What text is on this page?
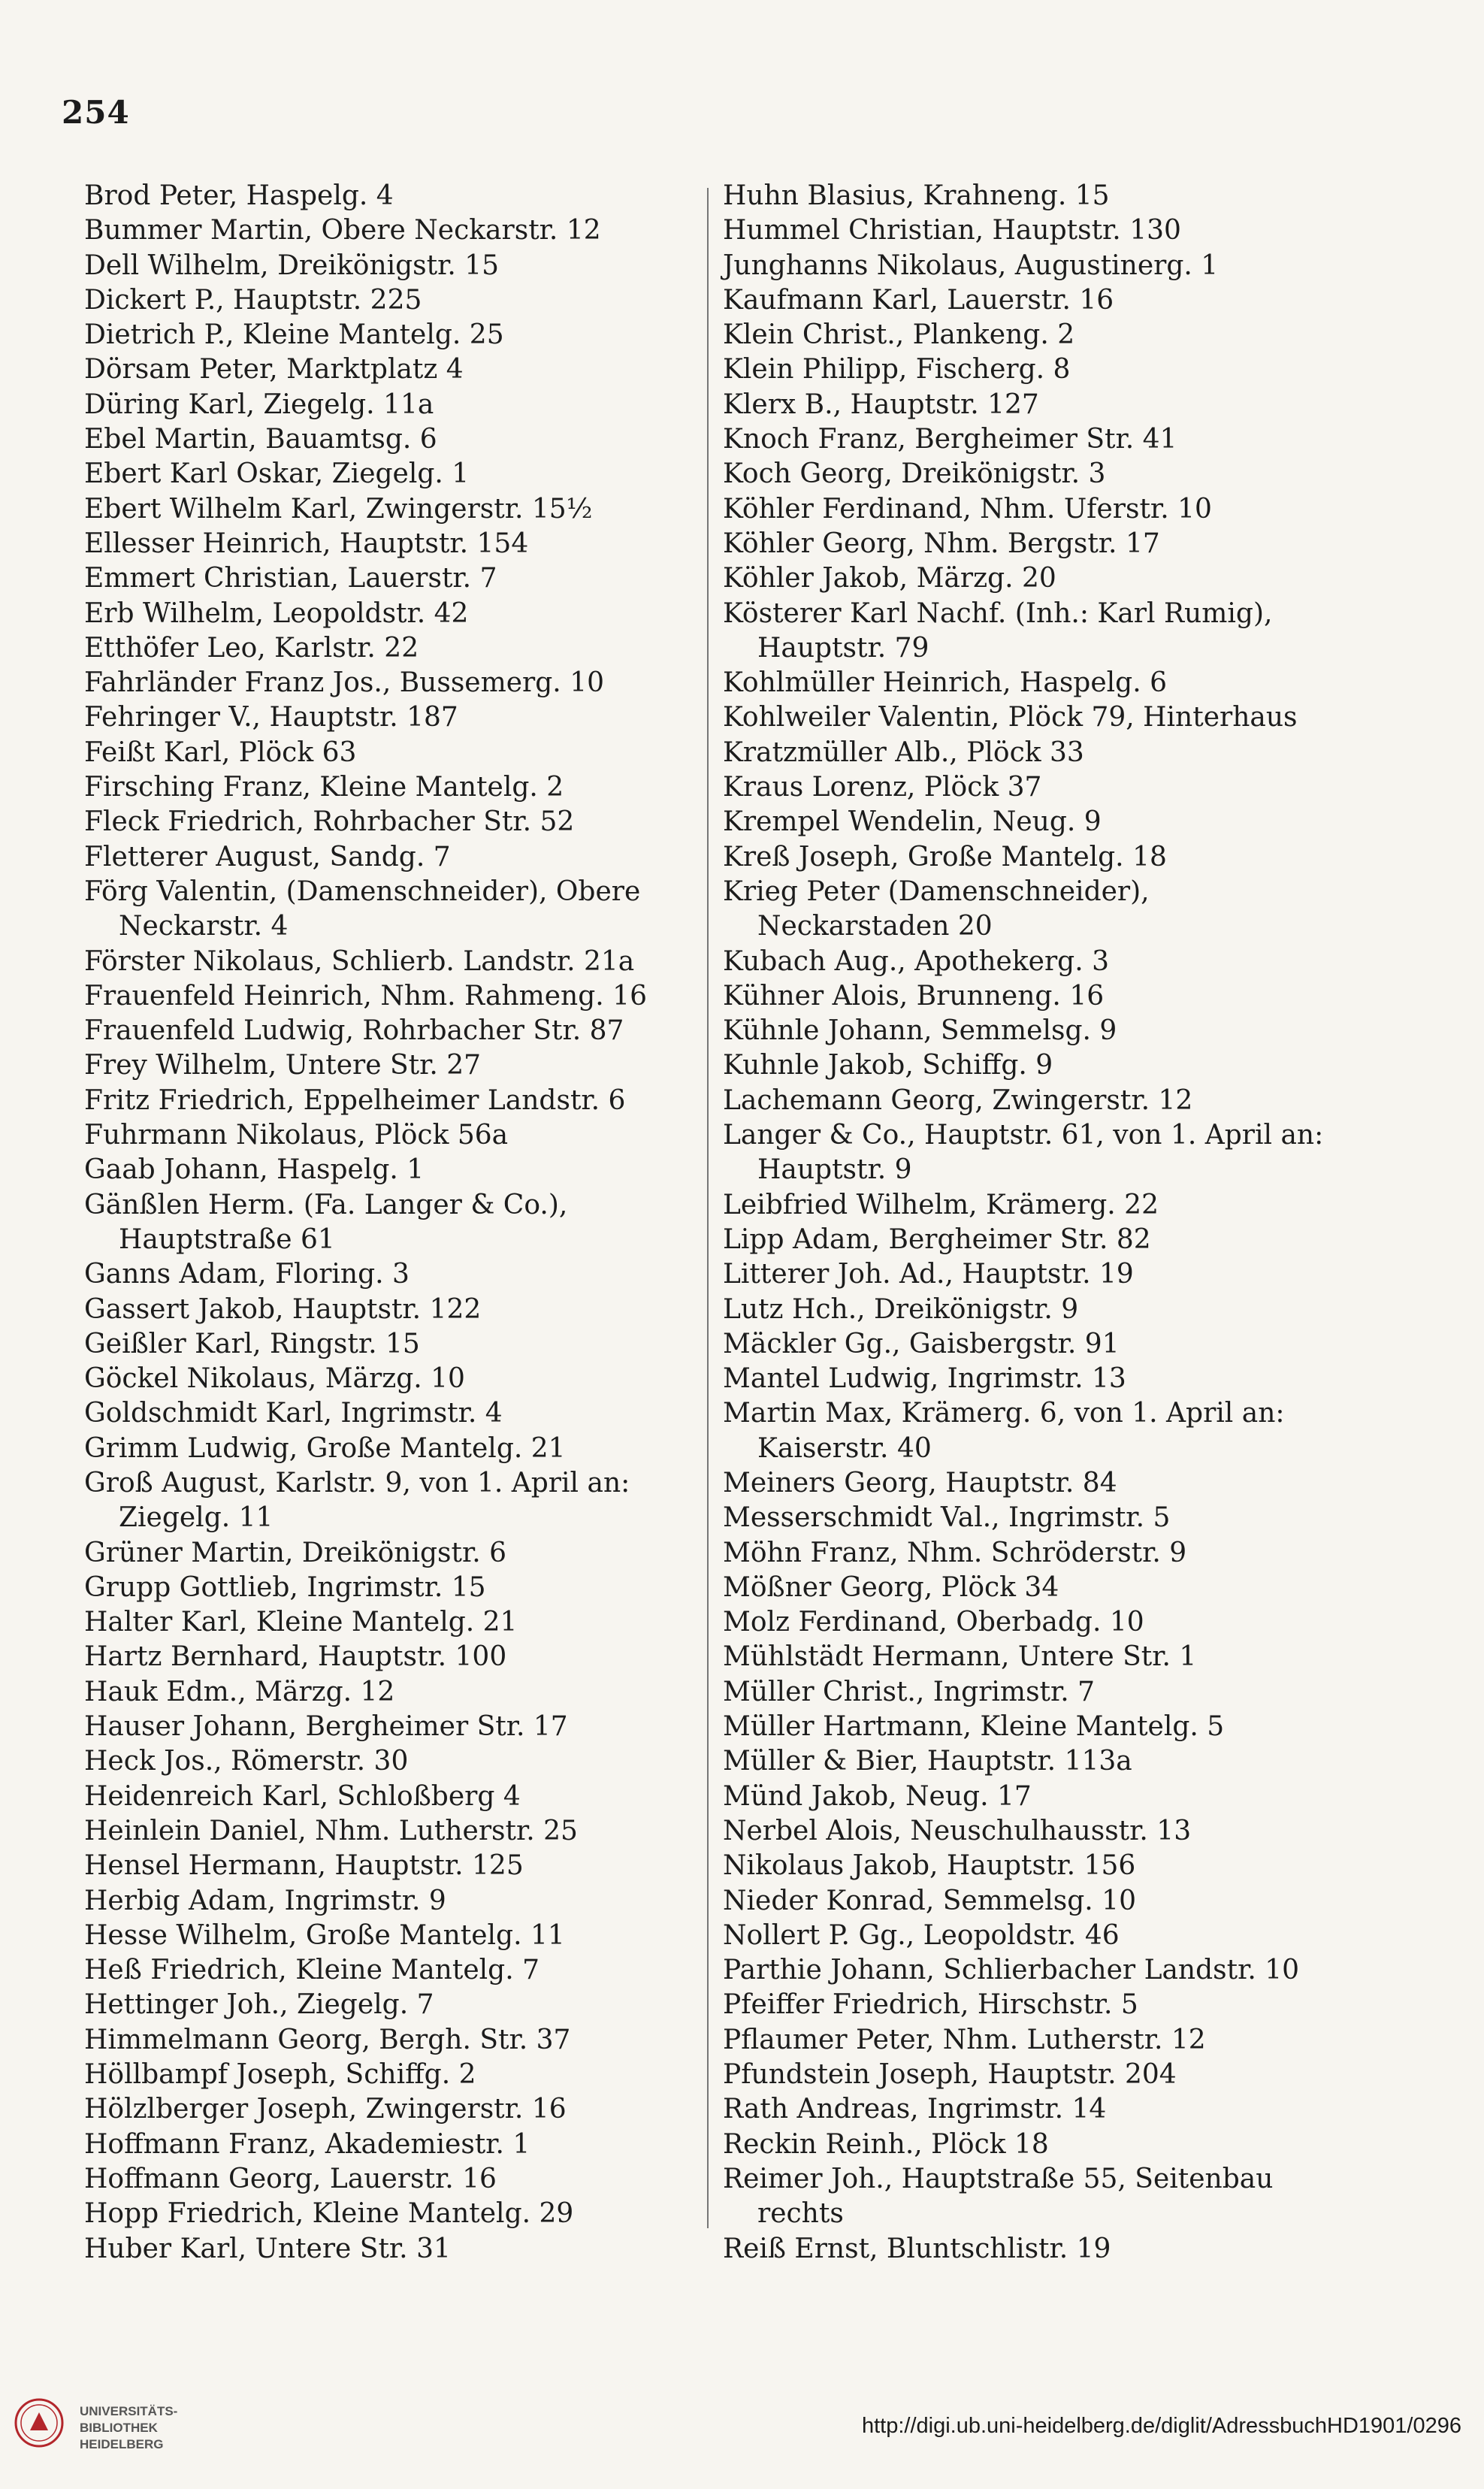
254
Brod Peter, Haspelg. 4
Bummer Martin, Obere Neckarstr. 12
Dell Wilhelm, Dreikönigstr. 15
Dickert P., Hauptstr. 225
Dietrich P., Kleine Mantelg. 25
Dörsam Peter, Marktplatz 4
Düring Karl, Ziegelg. 11a
Ebel Martin, Bauamtsg. 6
Ebert Karl Oskar, Ziegelg. 1
Ebert Wilhelm Karl, Zwingerstr. 15½
Ellesser Heinrich, Hauptstr. 154
Emmert Christian, Lauerstr. 7
Erb Wilhelm, Leopoldstr. 42
Etthöfer Leo, Karlstr. 22
Fahrländer Franz Jos., Bussemerg. 10
Fehringer V., Hauptstr. 187
Feißt Karl, Plöck 63
Firsching Franz, Kleine Mantelg. 2
Fleck Friedrich, Rohrbacher Str. 52
Fletterer August, Sandg. 7
Förg Valentin, (Damenschneider), Obere Neckarstr. 4
Förster Nikolaus, Schlierb. Landstr. 21a
Frauenfeld Heinrich, Nhm. Rahmeng. 16
Frauenfeld Ludwig, Rohrbacher Str. 87
Frey Wilhelm, Untere Str. 27
Fritz Friedrich, Eppelheimer Landstr. 6
Fuhrmann Nikolaus, Plöck 56a
Gaab Johann, Haspelg. 1
Gänßlen Herm. (Fa. Langer & Co.), Hauptstraße 61
Ganns Adam, Floring. 3
Gassert Jakob, Hauptstr. 122
Geißler Karl, Ringstr. 15
Göckel Nikolaus, Märzg. 10
Goldschmidt Karl, Ingrimstr. 4
Grimm Ludwig, Große Mantelg. 21
Groß August, Karlstr. 9, von 1. April an: Ziegelg. 11
Grüner Martin, Dreikönigstr. 6
Grupp Gottlieb, Ingrimstr. 15
Halter Karl, Kleine Mantelg. 21
Hartz Bernhard, Hauptstr. 100
Hauk Edm., Märzg. 12
Hauser Johann, Bergheimer Str. 17
Heck Jos., Römerstr. 30
Heidenreich Karl, Schloßberg 4
Heinlein Daniel, Nhm. Lutherstr. 25
Hensel Hermann, Hauptstr. 125
Herbig Adam, Ingrimstr. 9
Hesse Wilhelm, Große Mantelg. 11
Heß Friedrich, Kleine Mantelg. 7
Hettinger Joh., Ziegelg. 7
Himmelmann Georg, Bergh. Str. 37
Höllbampf Joseph, Schiffg. 2
Hölzlberger Joseph, Zwingerstr. 16
Hoffmann Franz, Akademiestr. 1
Hoffmann Georg, Lauerstr. 16
Hopp Friedrich, Kleine Mantelg. 29
Huber Karl, Untere Str. 31
Huhn Blasius, Krahneng. 15
Hummel Christian, Hauptstr. 130
Junghanns Nikolaus, Augustinerg. 1
Kaufmann Karl, Lauerstr. 16
Klein Christ., Plankeng. 2
Klein Philipp, Fischerg. 8
Klerx B., Hauptstr. 127
Knoch Franz, Bergheimer Str. 41
Koch Georg, Dreikönigstr. 3
Köhler Ferdinand, Nhm. Uferstr. 10
Köhler Georg, Nhm. Bergstr. 17
Köhler Jakob, Märzg. 20
Kösterer Karl Nachf. (Inh.: Karl Rumig), Hauptstr. 79
Kohlmüller Heinrich, Haspelg. 6
Kohlweiler Valentin, Plöck 79, Hinterhaus
Kratzmüller Alb., Plöck 33
Kraus Lorenz, Plöck 37
Krempel Wendelin, Neug. 9
Kreß Joseph, Große Mantelg. 18
Krieg Peter (Damenschneider), Neckarstaden 20
Kubach Aug., Apothekerg. 3
Kühner Alois, Brunneng. 16
Kühnle Johann, Semmelsg. 9
Kuhnle Jakob, Schiffg. 9
Lachemann Georg, Zwingerstr. 12
Langer & Co., Hauptstr. 61, von 1. April an: Hauptstr. 9
Leibfried Wilhelm, Krämerg. 22
Lipp Adam, Bergheimer Str. 82
Litterer Joh. Ad., Hauptstr. 19
Lutz Hch., Dreikönigstr. 9
Mäckler Gg., Gaisbergstr. 91
Mantel Ludwig, Ingrimstr. 13
Martin Max, Krämerg. 6, von 1. April an: Kaiserstr. 40
Meiners Georg, Hauptstr. 84
Messerschmidt Val., Ingrimstr. 5
Möhn Franz, Nhm. Schröderstr. 9
Mößner Georg, Plöck 34
Molz Ferdinand, Oberbadg. 10
Mühlstädt Hermann, Untere Str. 1
Müller Christ., Ingrimstr. 7
Müller Hartmann, Kleine Mantelg. 5
Müller & Bier, Hauptstr. 113a
Münd Jakob, Neug. 17
Nerbel Alois, Neuschulhausstr. 13
Nikolaus Jakob, Hauptstr. 156
Nieder Konrad, Semmelsg. 10
Nollert P. Gg., Leopoldstr. 46
Parthie Johann, Schlierbacher Landstr. 10
Pfeiffer Friedrich, Hirschstr. 5
Pflaumer Peter, Nhm. Lutherstr. 12
Pfundstein Joseph, Hauptstr. 204
Rath Andreas, Ingrimstr. 14
Reckin Reinh., Plöck 18
Reimer Joh., Hauptstraße 55, Seitenbau rechts
Reiß Ernst, Bluntschlistr. 19
UNIVERSITÄTS-
BIBLIOTHEK
HEIDELBERG
http://digi.ub.uni-heidelberg.de/diglit/AdressbuchHD1901/0296
